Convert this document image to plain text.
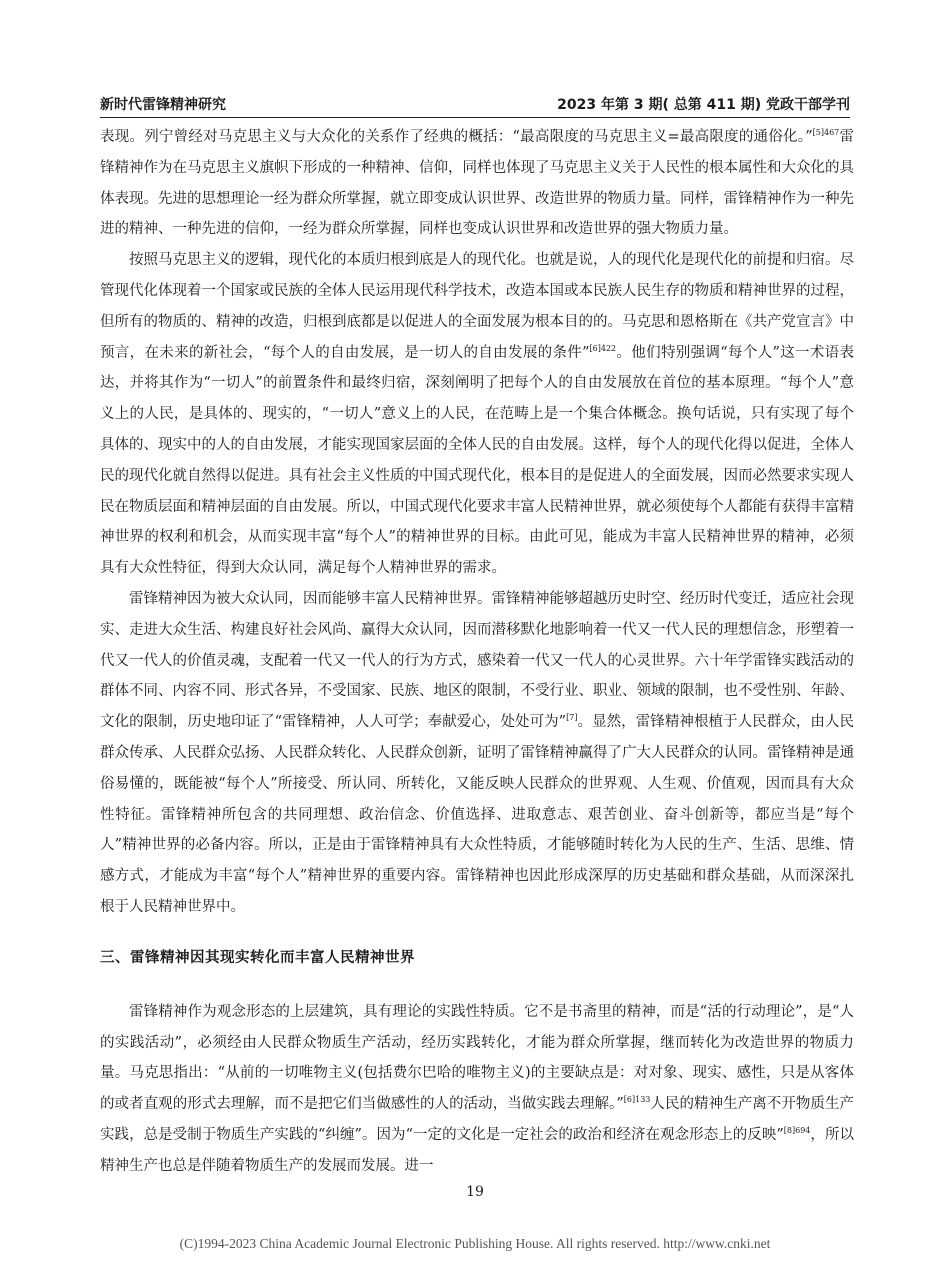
新时代雷锋精神研究	2023 年第 3 期( 总第 411 期) 党政干部学刊

表现。列宁曾经对马克思主义与大众化的关系作了经典的概括：“最高限度的马克思主义=最高限度的通俗化。”$^{[5]467}$雷锋精神作为在马克思主义旗帜下形成的一种精神、信仰，同样也体现了马克思主义关于人民性的根本属性和大众化的具体表现。先进的思想理论一经为群众所掌握，就立即变成认识世界、改造世界的物质力量。同样，雷锋精神作为一种先进的精神、一种先进的信仰，一经为群众所掌握，同样也变成认识世界和改造世界的强大物质力量。

按照马克思主义的逻辑，现代化的本质归根到底是人的现代化。也就是说，人的现代化是现代化的前提和归宿。尽管现代化体现着一个国家或民族的全体人民运用现代科学技术，改造本国或本民族人民生存的物质和精神世界的过程，但所有的物质的、精神的改造，归根到底都是以促进人的全面发展为根本目的的。马克思和恩格斯在《共产党宣言》中预言，在未来的新社会，“每个人的自由发展，是一切人的自由发展的条件”$^{[6]422}$。他们特别强调“每个人”这一术语表达，并将其作为“一切人”的前置条件和最终归宿，深刻阐明了把每个人的自由发展放在首位的基本原理。“每个人”意义上的人民，是具体的、现实的，“一切人”意义上的人民，在范畴上是一个集合体概念。换句话说，只有实现了每个具体的、现实中的人的自由发展，才能实现国家层面的全体人民的自由发展。这样，每个人的现代化得以促进，全体人民的现代化就自然得以促进。具有社会主义性质的中国式现代化，根本目的是促进人的全面发展，因而必然要求实现人民在物质层面和精神层面的自由发展。所以，中国式现代化要求丰富人民精神世界，就必须使每个人都能有获得丰富精神世界的权利和机会，从而实现丰富“每个人”的精神世界的目标。由此可见，能成为丰富人民精神世界的精神，必须具有大众性特征，得到大众认同，满足每个人精神世界的需求。

雷锋精神因为被大众认同，因而能够丰富人民精神世界。雷锋精神能够超越历史时空、经历时代变迁，适应社会现实、走进大众生活、构建良好社会风尚、赢得大众认同，因而潜移默化地影响着一代又一代人民的理想信念，形塑着一代又一代人的价值灵魂，支配着一代又一代人的行为方式，感染着一代又一代人的心灵世界。六十年学雷锋实践活动的群体不同、内容不同、形式各异，不受国家、民族、地区的限制，不受行业、职业、领域的限制，也不受性别、年龄、文化的限制，历史地印证了“雷锋精神，人人可学；奉献爱心，处处可为”[7]。显然，雷锋精神根植于人民群众，由人民群众传承、人民群众弘扬、人民群众转化、人民群众创新，证明了雷锋精神赢得了广大人民群众的认同。雷锋精神是通俗易懂的，既能被“每个人”所接受、所认同、所转化，又能反映人民群众的世界观、人生观、价值观，因而具有大众性特征。雷锋精神所包含的共同理想、政治信念、价值选择、进取意志、艰苦创业、奋斗创新等，都应当是“每个人”精神世界的必备内容。所以，正是由于雷锋精神具有大众性特质，才能够随时转化为人民的生产、生活、思维、情感方式，才能成为丰富“每个人”精神世界的重要内容。雷锋精神也因此形成深厚的历史基础和群众基础，从而深深扎根于人民精神世界中。

三、雷锋精神因其现实转化而丰富人民精神世界

雷锋精神作为观念形态的上层建筑，具有理论的实践性特质。它不是书斋里的精神，而是“活的行动理论”，是“人的实践活动”，必须经由人民群众物质生产活动，经历实践转化，才能为群众所掌握，继而转化为改造世界的物质力量。马克思指出：“从前的一切唯物主义(包括费尔巴哈的唯物主义)的主要缺点是：对对象、现实、感性，只是从客体的或者直观的形式去理解，而不是把它们当做感性的人的活动，当做实践去理解。”$^{[6]133}$人民的精神生产离不开物质生产实践，总是受制于物质生产实践的“纠缠”。因为“一定的文化是一定社会的政治和经济在观念形态上的反映”$^{[8]694}$，所以精神生产也总是伴随着物质生产的发展而发展。进一

19
(C)1994-2023 China Academic Journal Electronic Publishing House. All rights reserved. http://www.cnki.net
